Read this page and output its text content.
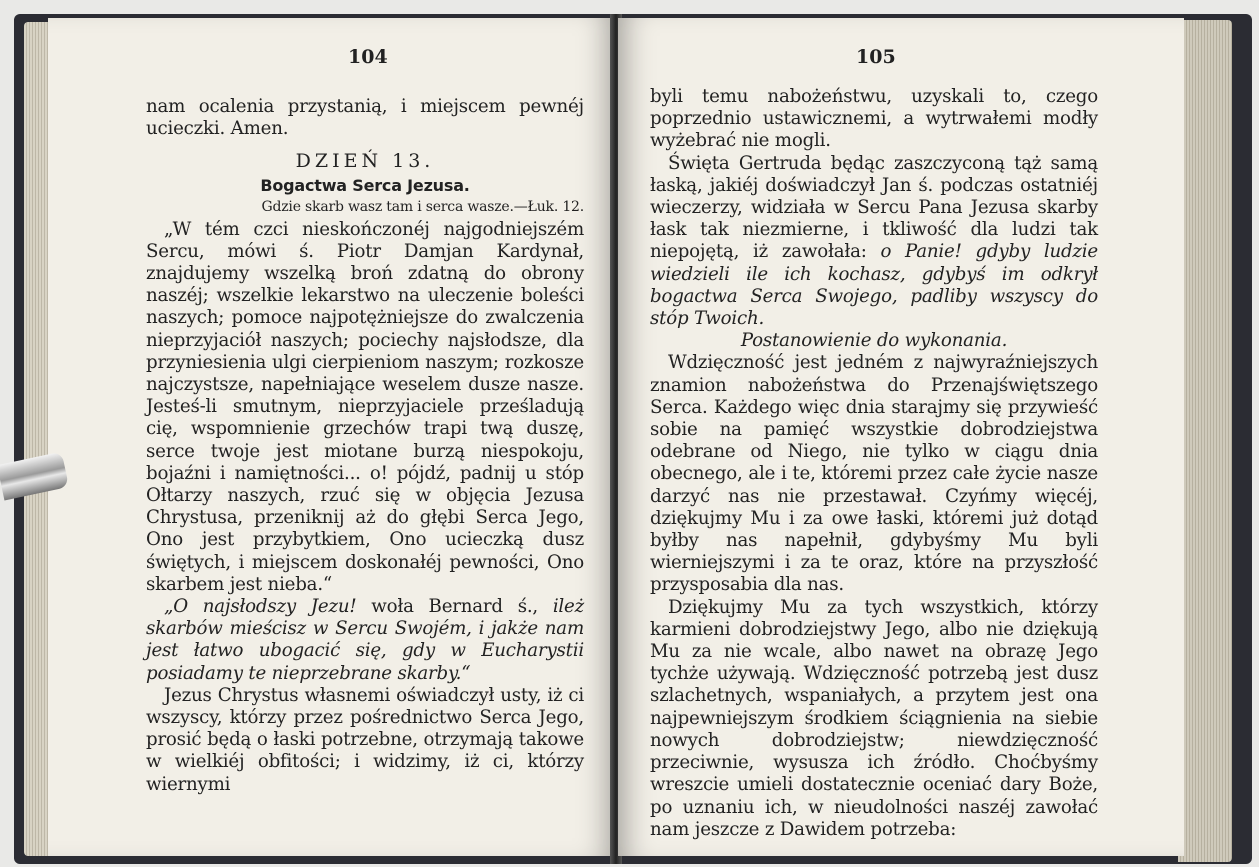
104

nam ocalenia przystanią, i miejscem pewnéj ucieczki. Amen.

DZIEŃ 13.

Bogactwa Serca Jezusa.

Gdzie skarb wasz tam i serca wasze.—Łuk. 12.

„W tém czci nieskończonéj najgodniejszém Sercu, mówi ś. Piotr Damjan Kardynał, znajdujemy wszelką broń zdatną do obrony naszéj; wszelkie lekarstwo na uleczenie boleści naszych; pomoce najpotężniejsze do zwalczenia nieprzyjaciół naszych; pociechy najsłodsze, dla przyniesienia ulgi cierpieniom naszym; rozkosze najczystsze, napełniające weselem dusze nasze. Jesteś-li smutnym, nieprzyjaciele prześladują cię, wspomnienie grzechów trapi twą duszę, serce twoje jest miotane burzą niespokoju, bojaźni i namiętności... o! pójdź, padnij u stóp Ołtarzy naszych, rzuć się w objęcia Jezusa Chrystusa, przeniknij aż do głębi Serca Jego, Ono jest przybytkiem, Ono ucieczką dusz świętych, i miejscem doskonałéj pewności, Ono skarbem jest nieba.“

„O najsłodszy Jezu! woła Bernard ś., ileż skarbów mieścisz w Sercu Swojém, i jakże nam jest łatwo ubogacić się, gdy w Eucharystii posiadamy te nieprzebrane skarby.“

Jezus Chrystus własnemi oświadczył usty, iż ci wszyscy, którzy przez pośrednictwo Serca Jego, prosić będą o łaski potrzebne, otrzymają takowe w wielkiéj obfitości; i widzimy, iż ci, którzy wiernymi

105

byli temu nabożeństwu, uzyskali to, czego poprzednio ustawicznemi, a wytrwałemi modły wyżebrać nie mogli.

Święta Gertruda będąc zaszczyconą tąż samą łaską, jakiéj doświadczył Jan ś. podczas ostatniéj wieczerzy, widziała w Sercu Pana Jezusa skarby łask tak niezmierne, i tkliwość dla ludzi tak niepojętą, iż zawołała: o Panie! gdyby ludzie wiedzieli ile ich kochasz, gdybyś im odkrył bogactwa Serca Swojego, padliby wszyscy do stóp Twoich.

Postanowienie do wykonania.

Wdzięczność jest jedném z najwyraźniejszych znamion nabożeństwa do Przenajświętszego Serca. Każdego więc dnia starajmy się przywieść sobie na pamięć wszystkie dobrodziejstwa odebrane od Niego, nie tylko w ciągu dnia obecnego, ale i te, któremi przez całe życie nasze darzyć nas nie przestawał. Czyńmy więcéj, dziękujmy Mu i za owe łaski, któremi już dotąd byłby nas napełnił, gdybyśmy Mu byli wierniejszymi i za te oraz, które na przyszłość przysposabia dla nas.

Dziękujmy Mu za tych wszystkich, którzy karmieni dobrodziejstwy Jego, albo nie dziękują Mu za nie wcale, albo nawet na obrazę Jego tychże używają. Wdzięczność potrzebą jest dusz szlachetnych, wspaniałych, a przytem jest ona najpewniejszym środkiem ściągnienia na siebie nowych dobrodziejstw; niewdzięczność przeciwnie, wysusza ich źródło. Choćbyśmy wreszcie umieli dostatecznie oceniać dary Boże, po uznaniu ich, w nieudolności naszéj zawołać nam jeszcze z Dawidem potrzeba:
